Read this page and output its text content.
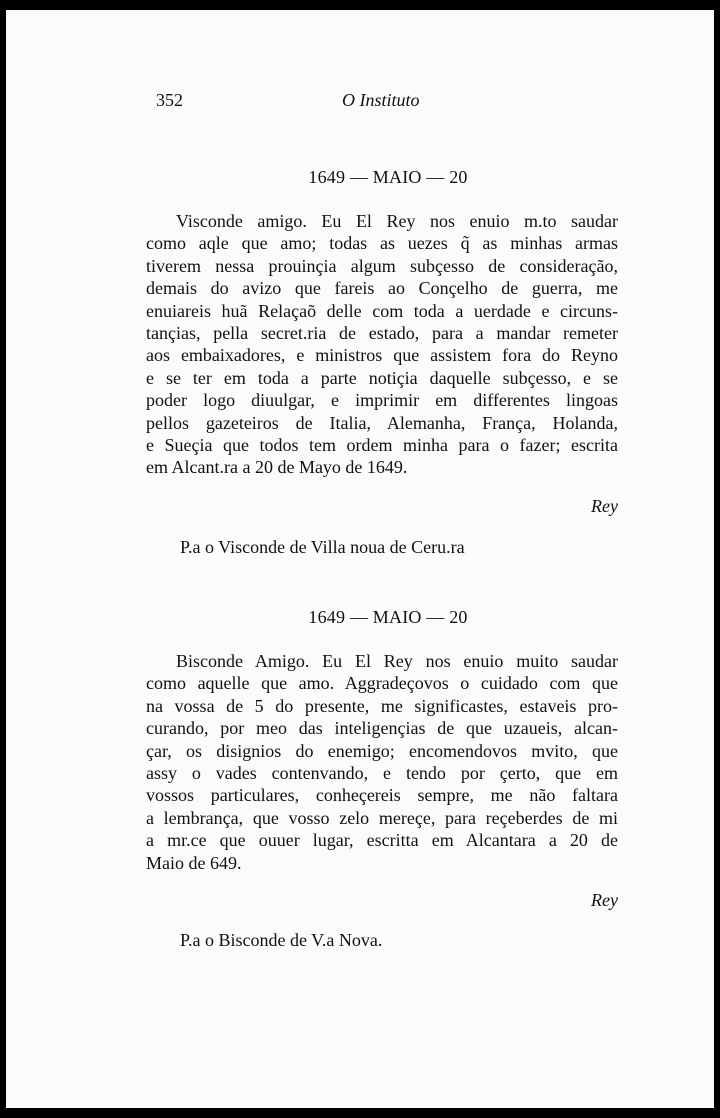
352	O Instituto
1649 — MAIO — 20
Visconde amigo. Eu El Rey nos enuio m.to saudar
como aqle que amo; todas as uezes q̃ as minhas armas
tiverem nessa prouinçia algum subçesso de consideração,
demais do avizo que fareis ao Conçelho de guerra, me
enuiareis huã Relaçaõ delle com toda a uerdade e circuns-
tançias, pella secret.ria de estado, para a mandar remeter
aos embaixadores, e ministros que assistem fora do Reyno
e se ter em toda a parte notiçia daquelle subçesso, e se
poder logo diuulgar, e imprimir em differentes lingoas
pellos gazeteiros de Italia, Alemanha, França, Holanda,
e Sueçia que todos tem ordem minha para o fazer; escrita
em Alcant.ra a 20 de Mayo de 1649.
Rey
P.a o Visconde de Villa noua de Ceru.ra
1649 — MAIO — 20
Bisconde Amigo. Eu El Rey nos enuio muito saudar
como aquelle que amo. Aggradeçovos o cuidado com que
na vossa de 5 do presente, me significastes, estaveis pro-
curando, por meo das inteligençias de que uzaueis, alcan-
çar, os disignios do enemigo; encomendovos mvito, que
assy o vades contenvando, e tendo por çerto, que em
vossos particulares, conheçereis sempre, me não faltara
a lembrança, que vosso zelo mereçe, para reçeberdes de mi
a mr.ce que ouuer lugar, escritta em Alcantara a 20 de
Maio de 649.
Rey
P.a o Bisconde de V.a Nova.
